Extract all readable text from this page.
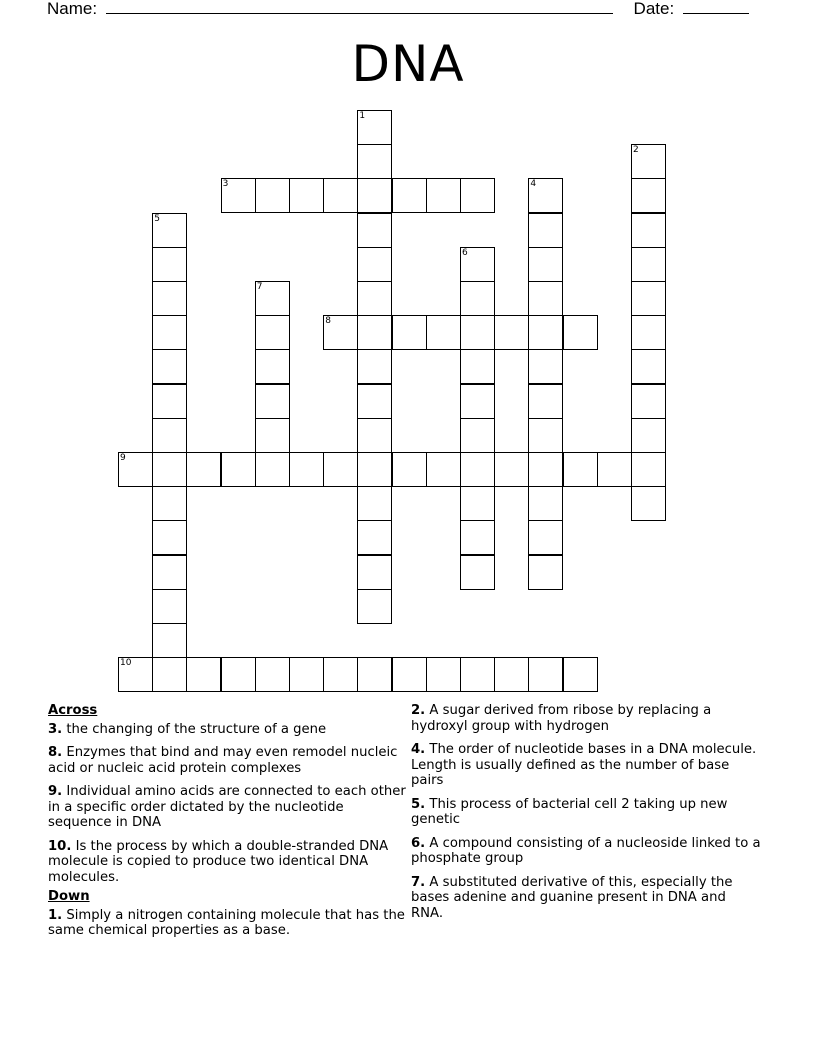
Name:	Date:
DNA
1
2
3	4
5
6
7
8
9
10
Across
3. the changing of the structure of a gene
8. Enzymes that bind and may even remodel nucleic acid or nucleic acid protein complexes
9. Individual amino acids are connected to each other in a specific order dictated by the nucleotide sequence in DNA
10. Is the process by which a double-stranded DNA molecule is copied to produce two identical DNA molecules.
Down
1. Simply a nitrogen containing molecule that has the same chemical properties as a base.
2. A sugar derived from ribose by replacing a hydroxyl group with hydrogen
4. The order of nucleotide bases in a DNA molecule. Length is usually defined as the number of base pairs
5. This process of bacterial cell 2 taking up new genetic
6. A compound consisting of a nucleoside linked to a phosphate group
7. A substituted derivative of this, especially the bases adenine and guanine present in DNA and RNA.
